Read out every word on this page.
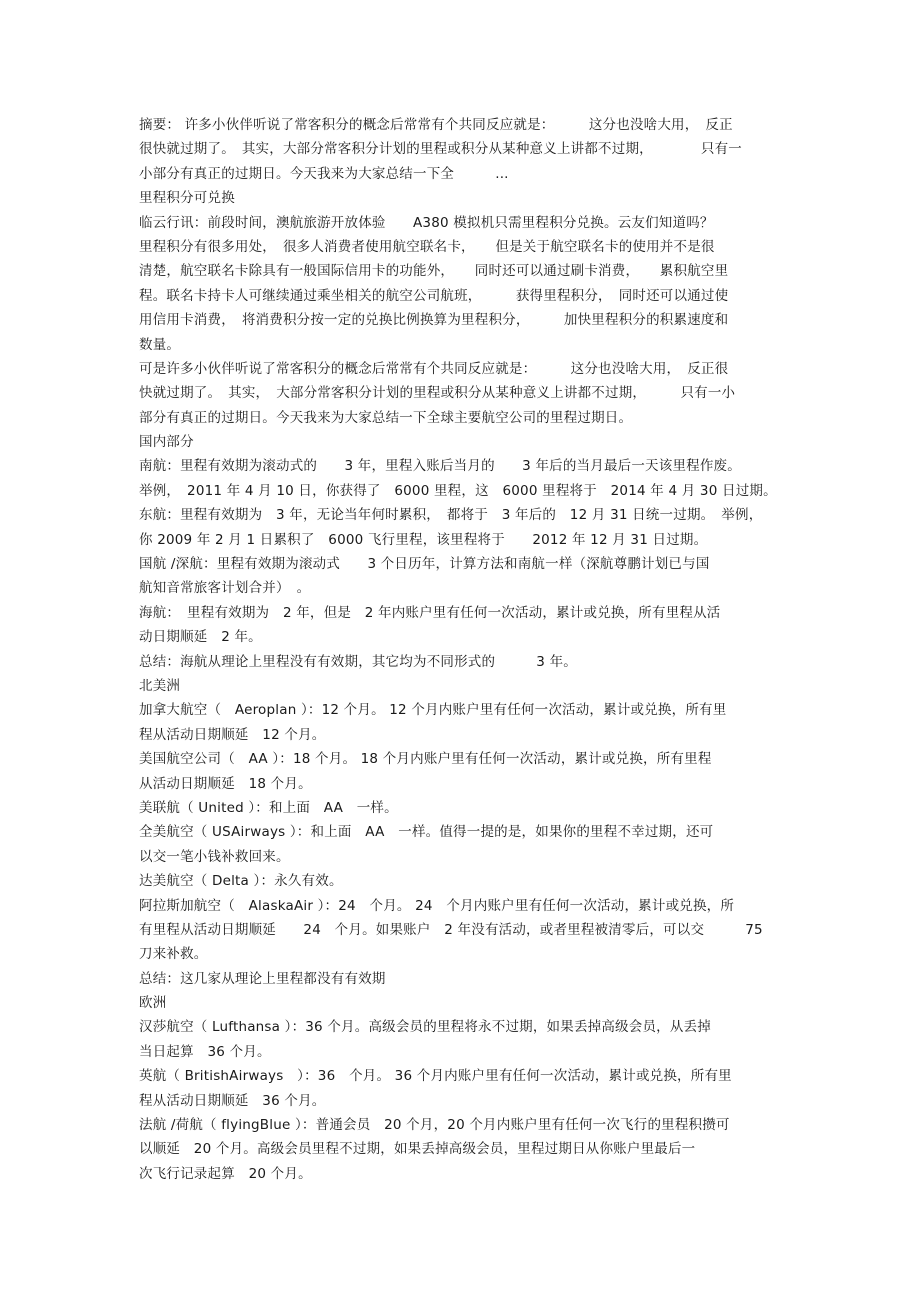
摘要： 许多小伙伴听说了常客积分的概念后常常有个共同反应就是：　　　这分也没啥大用，　反正
很快就过期了。　其实，大部分常客积分计划的里程或积分从某种意义上讲都不过期，　　　　只有一
小部分有真正的过期日。今天我来为大家总结一下全　　　...
里程积分可兑换
临云行讯：前段时间，澳航旅游开放体验　　A380 模拟机只需里程积分兑换。云友们知道吗？
里程积分有很多用处，　很多人消费者使用航空联名卡，　　但是关于航空联名卡的使用并不是很
清楚，航空联名卡除具有一般国际信用卡的功能外，　　同时还可以通过刷卡消费，　　累积航空里
程。联名卡持卡人可继续通过乘坐相关的航空公司航班，　　　获得里程积分，　同时还可以通过使
用信用卡消费，　将消费积分按一定的兑换比例换算为里程积分，　　　加快里程积分的积累速度和
数量。
可是许多小伙伴听说了常客积分的概念后常常有个共同反应就是：　　　这分也没啥大用，　反正很
快就过期了。　其实，　大部分常客积分计划的里程或积分从某种意义上讲都不过期，　　　只有一小
部分有真正的过期日。今天我来为大家总结一下全球主要航空公司的里程过期日。
国内部分
南航：里程有效期为滚动式的　　3 年，里程入账后当月的　　3 年后的当月最后一天该里程作废。
举例，　2011 年 4 月 10 日，你获得了　6000 里程，这　6000 里程将于　2014 年 4 月 30 日过期。
东航：里程有效期为　3 年，无论当年何时累积，　都将于　3 年后的　12 月 31 日统一过期。　举例，
你 2009 年 2 月 1 日累积了　6000 飞行里程，该里程将于　　2012 年 12 月 31 日过期。
国航 /深航：里程有效期为滚动式　　3 个日历年，计算方法和南航一样（深航尊鹏计划已与国
航知音常旅客计划合并）　。
海航：　里程有效期为　2 年，但是　2 年内账户里有任何一次活动，累计或兑换，所有里程从活
动日期顺延　2 年。
总结：海航从理论上里程没有有效期，其它均为不同形式的　　　3 年。
北美洲
加拿大航空（　Aeroplan ）：12 个月。 12 个月内账户里有任何一次活动，累计或兑换，所有里
程从活动日期顺延　12 个月。
美国航空公司（　AA ）：18 个月。 18 个月内账户里有任何一次活动，累计或兑换，所有里程
从活动日期顺延　18 个月。
美联航（ United ）：和上面　AA　一样。
全美航空（ USAirways ）：和上面　AA　一样。值得一提的是，如果你的里程不幸过期，还可
以交一笔小钱补救回来。
达美航空（ Delta ）：永久有效。
阿拉斯加航空（　AlaskaAir ）：24　个月。 24　个月内账户里有任何一次活动，累计或兑换，所
有里程从活动日期顺延　　24　个月。如果账户　2 年没有活动，或者里程被清零后，可以交　　　75
刀来补救。
总结：这几家从理论上里程都没有有效期
欧洲
汉莎航空（ Lufthansa ）：36 个月。高级会员的里程将永不过期，如果丢掉高级会员，从丢掉
当日起算　36 个月。
英航（ BritishAirways　）：36　个月。 36 个月内账户里有任何一次活动，累计或兑换，所有里
程从活动日期顺延　36 个月。
法航 /荷航（ flyingBlue ）：普通会员　20 个月，20 个月内账户里有任何一次飞行的里程积攒可
以顺延　20 个月。高级会员里程不过期，如果丢掉高级会员，里程过期日从你账户里最后一
次飞行记录起算　20 个月。
